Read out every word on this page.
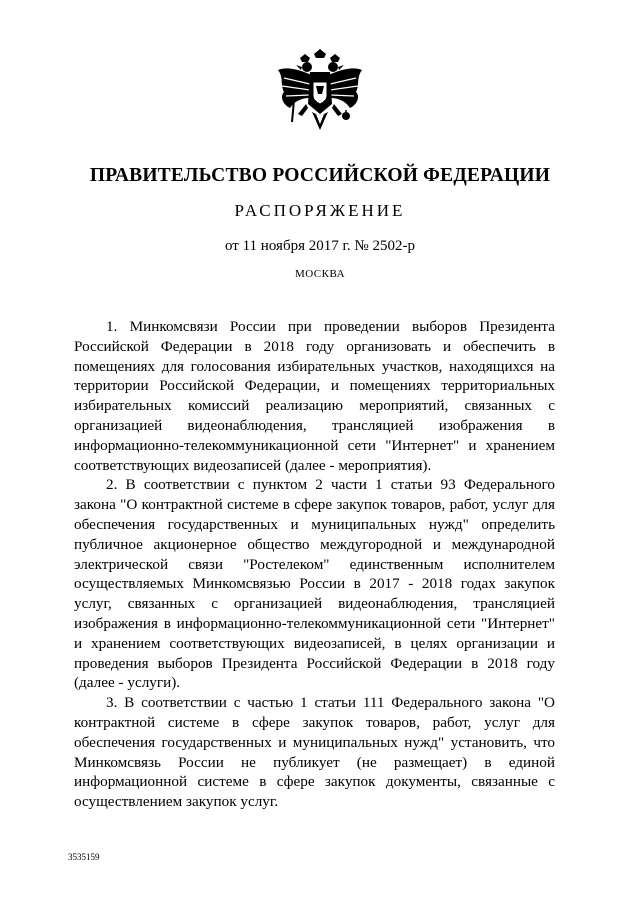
ПРАВИТЕЛЬСТВО РОССИЙСКОЙ ФЕДЕРАЦИИ
РАСПОРЯЖЕНИЕ
от 11 ноября 2017 г. № 2502-р
МОСКВА

1. Минкомсвязи России при проведении выборов Президента Российской Федерации в 2018 году организовать и обеспечить в помещениях для голосования избирательных участков, находящихся на территории Российской Федерации, и помещениях территориальных избирательных комиссий реализацию мероприятий, связанных с организацией видеонаблюдения, трансляцией изображения в информационно-телекоммуникационной сети "Интернет" и хранением соответствующих видеозаписей (далее - мероприятия).

2. В соответствии с пунктом 2 части 1 статьи 93 Федерального закона "О контрактной системе в сфере закупок товаров, работ, услуг для обеспечения государственных и муниципальных нужд" определить публичное акционерное общество междугородной и международной электрической связи "Ростелеком" единственным исполнителем осуществляемых Минкомсвязью России в 2017 - 2018 годах закупок услуг, связанных с организацией видеонаблюдения, трансляцией изображения в информационно-телекоммуникационной сети "Интернет" и хранением соответствующих видеозаписей, в целях организации и проведения выборов Президента Российской Федерации в 2018 году (далее - услуги).

3. В соответствии с частью 1 статьи 111 Федерального закона "О контрактной системе в сфере закупок товаров, работ, услуг для обеспечения государственных и муниципальных нужд" установить, что Минкомсвязь России не публикует (не размещает) в единой информационной системе в сфере закупок документы, связанные с осуществлением закупок услуг.

3535159
